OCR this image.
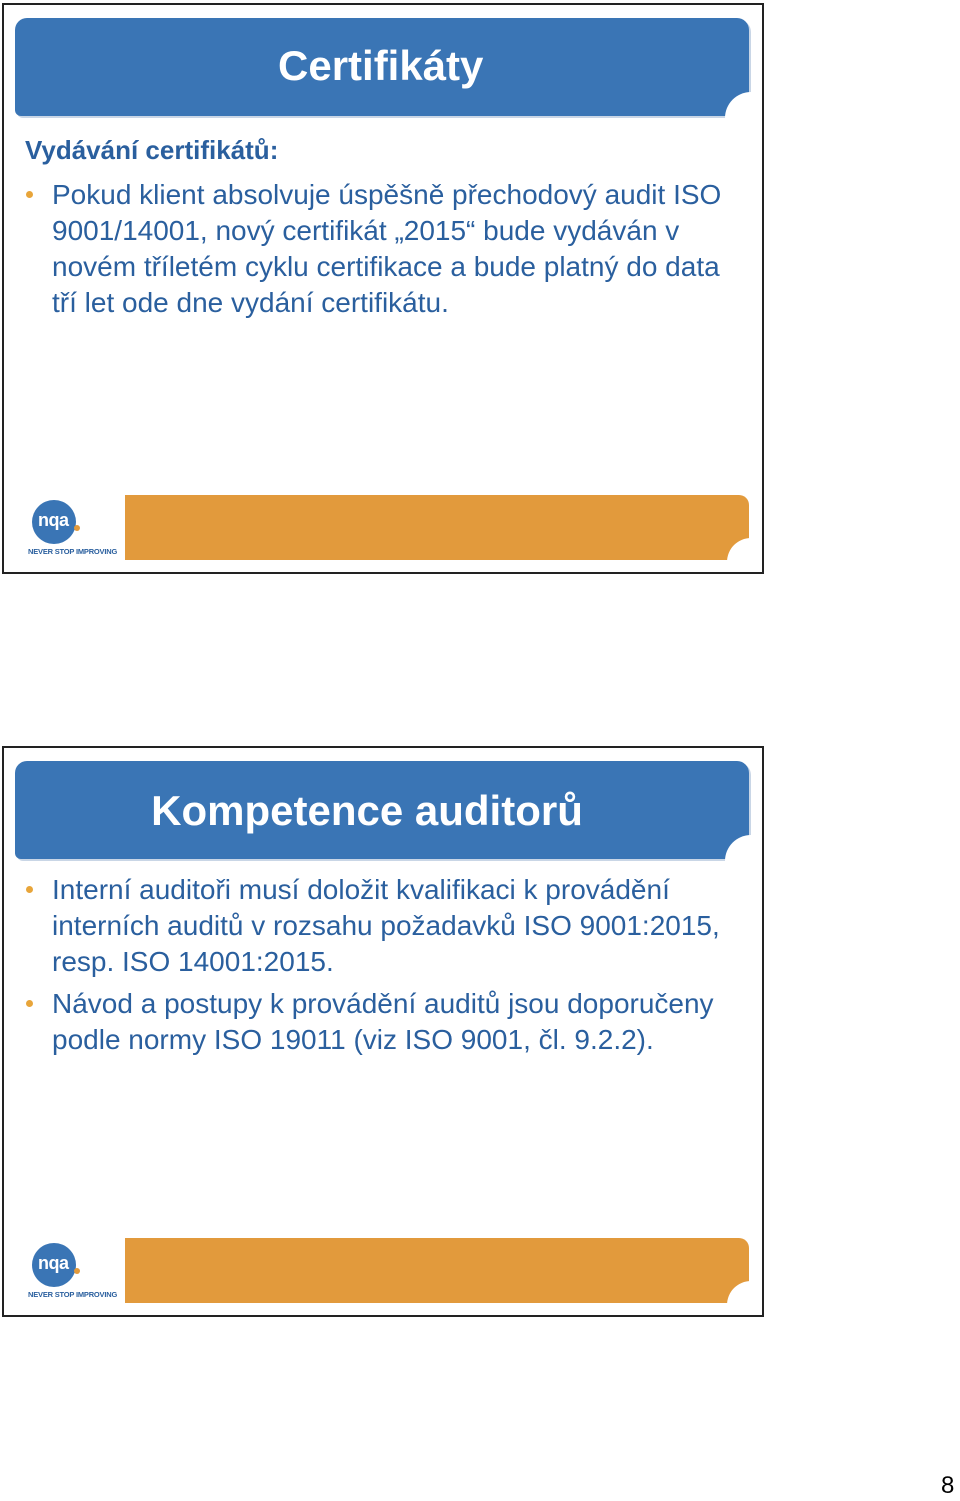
Certifikáty
Vydávání certifikátů:
Pokud klient absolvuje úspěšně přechodový audit ISO 9001/14001, nový certifikát „2015“ bude vydáván v novém tříletém cyklu certifikace a bude platný do data tří let ode dne vydání certifikátu.
nqa
NEVER STOP IMPROVING
Kompetence auditorů
Interní auditoři musí doložit kvalifikaci k provádění interních auditů v rozsahu požadavků ISO 9001:2015, resp. ISO 14001:2015.
Návod a postupy k provádění auditů jsou doporučeny podle normy ISO 19011 (viz ISO 9001, čl. 9.2.2).
nqa
NEVER STOP IMPROVING
8
